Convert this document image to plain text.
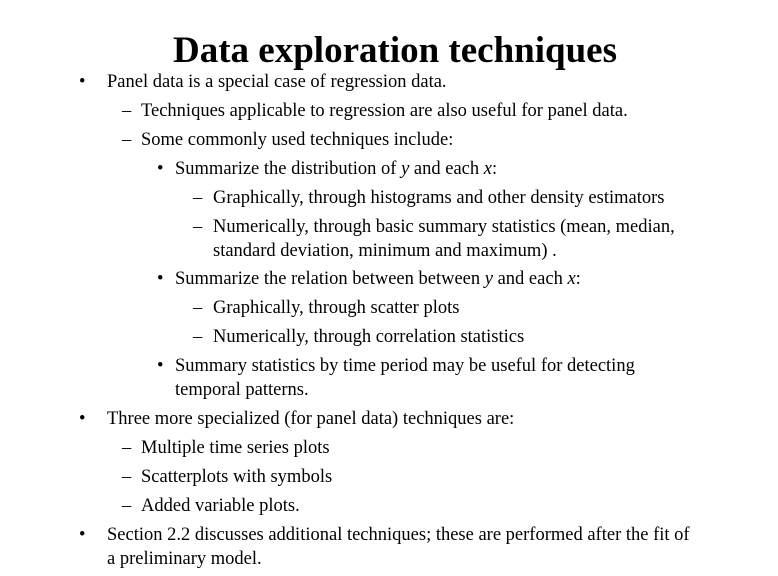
Data exploration techniques
• Panel data is a special case of regression data.
– Techniques applicable to regression are also useful for panel data.
– Some commonly used techniques include:
• Summarize the distribution of y and each x:
– Graphically, through histograms and other density estimators
– Numerically, through basic summary statistics (mean, median,
standard deviation, minimum and maximum) .
• Summarize the relation between between y and each x:
– Graphically, through scatter plots
– Numerically, through correlation statistics
• Summary statistics by time period may be useful for detecting
temporal patterns.
• Three more specialized (for panel data) techniques are:
– Multiple time series plots
– Scatterplots with symbols
– Added variable plots.
• Section 2.2 discusses additional techniques; these are performed after the fit of
a preliminary model.
